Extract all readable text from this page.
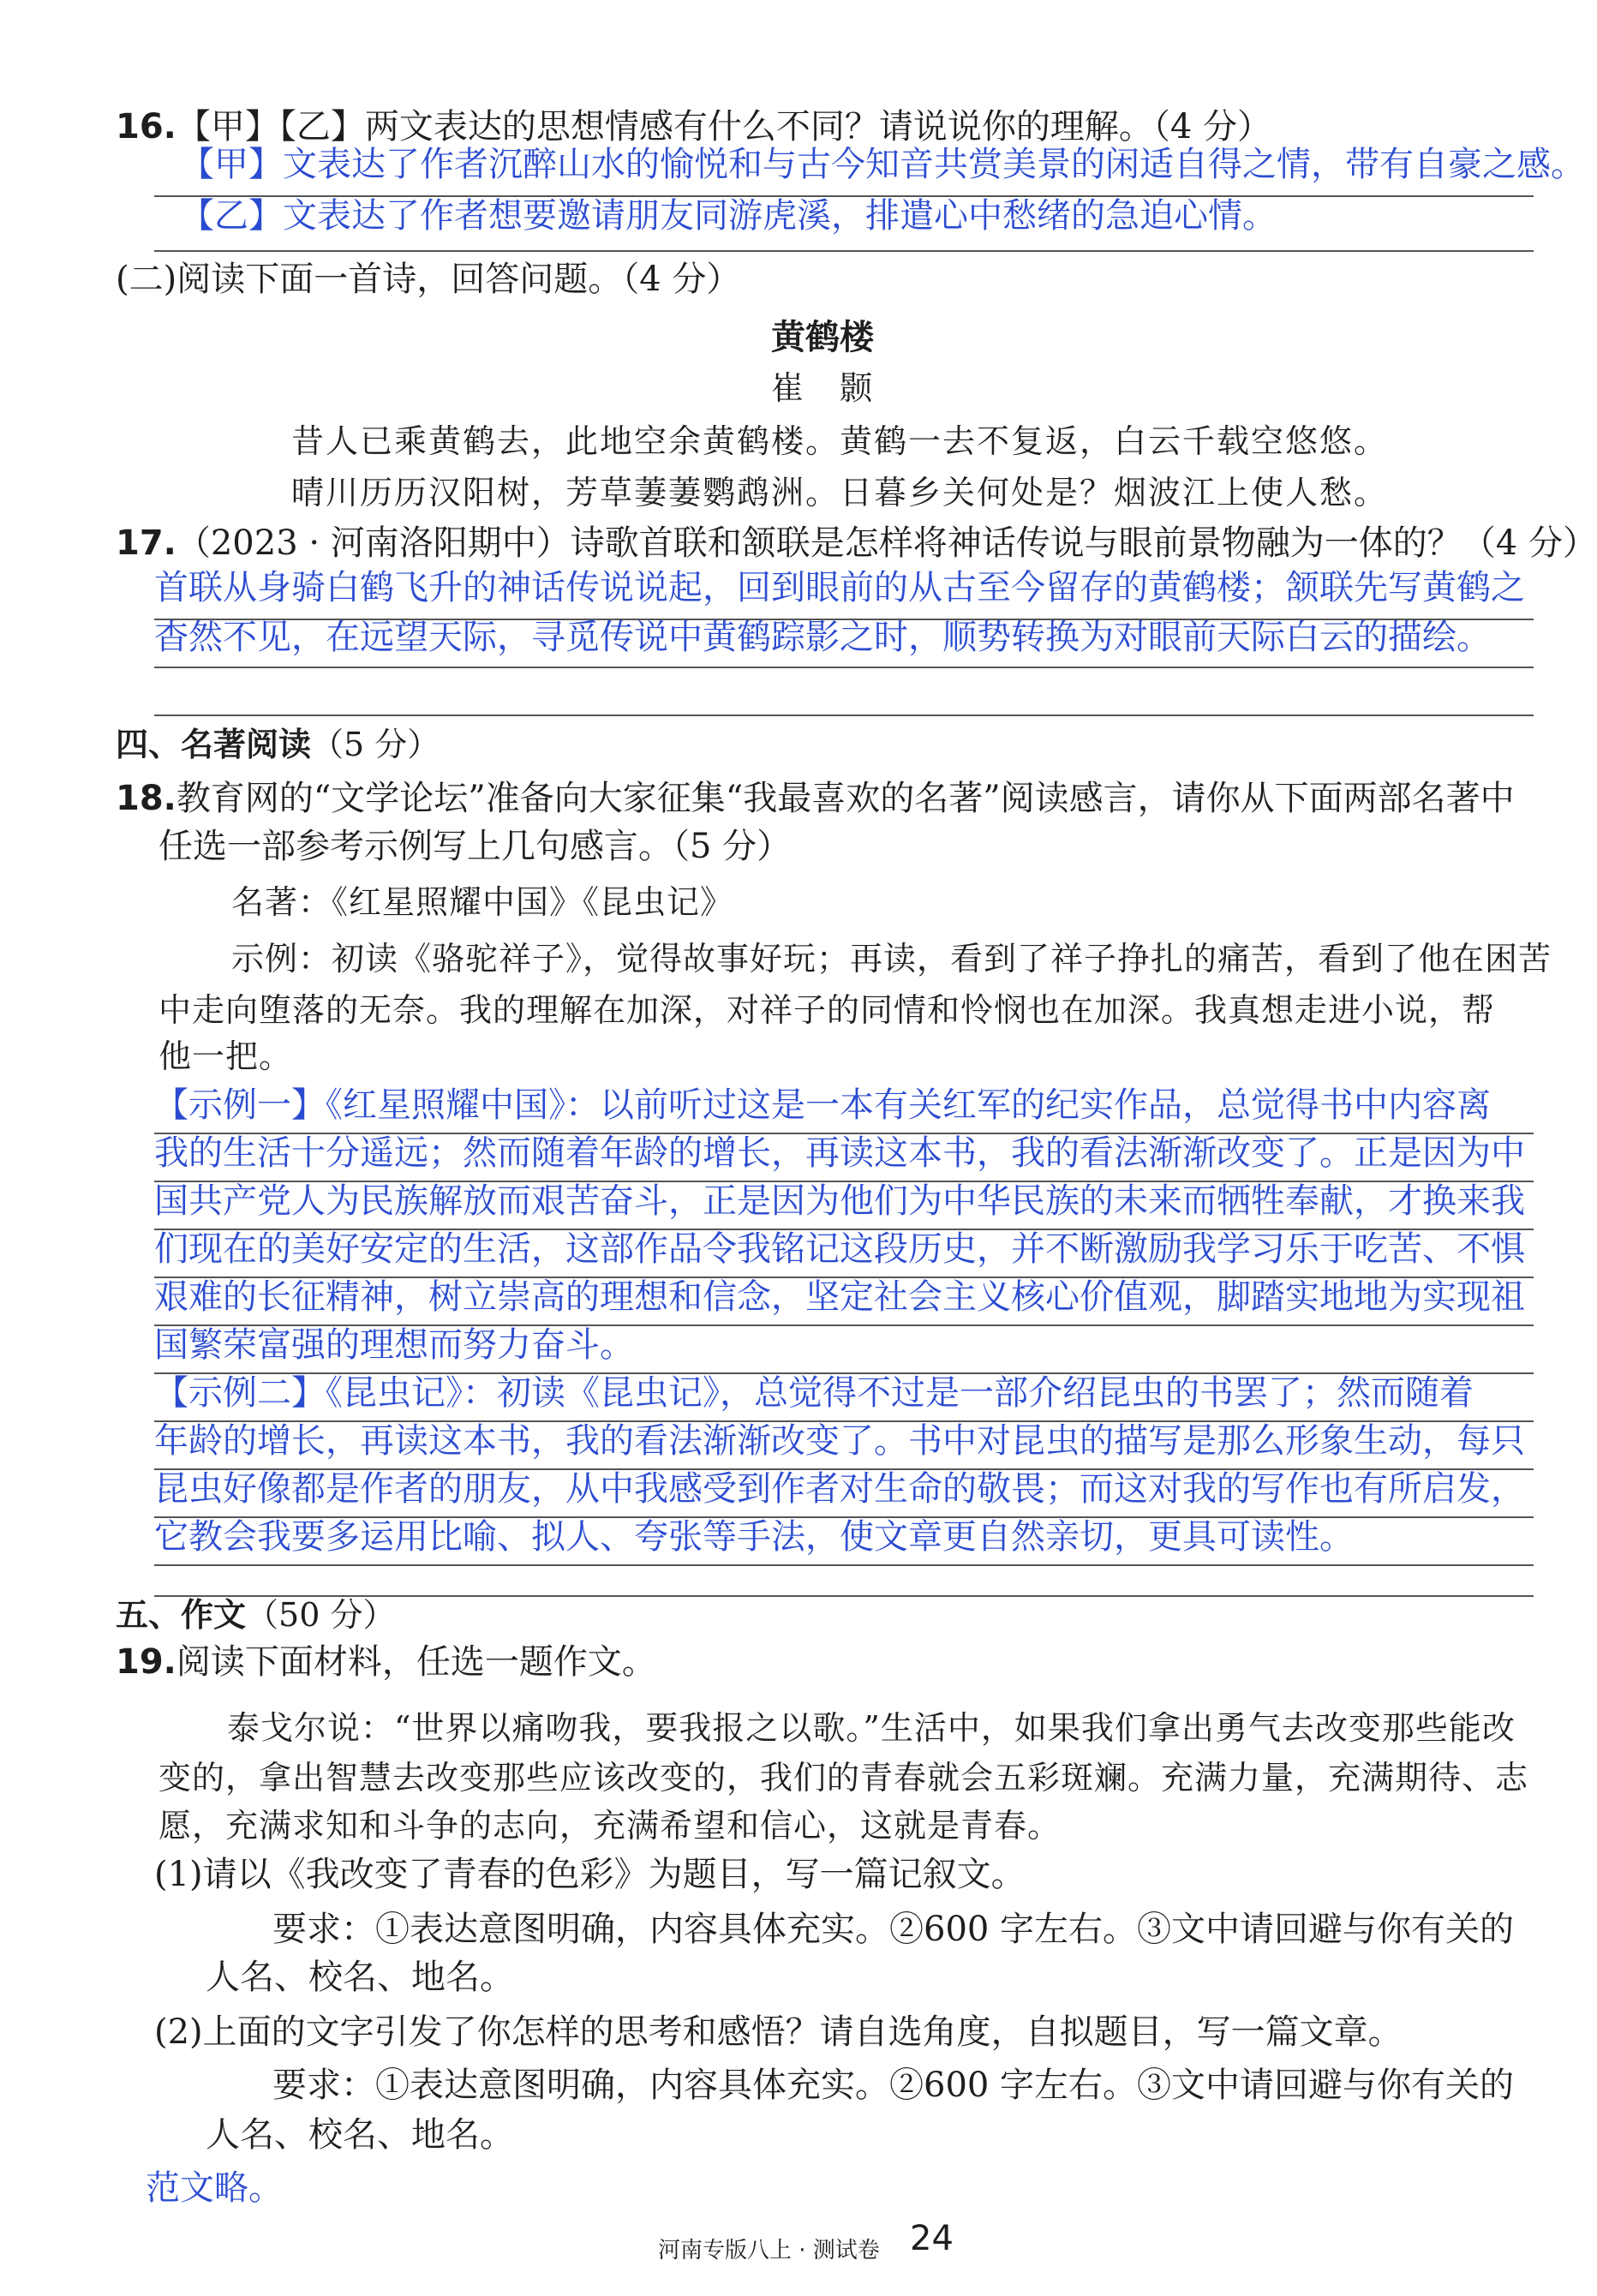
16.【甲】【乙】两文表达的思想情感有什么不同？请说说你的理解。（4 分）
【甲】文表达了作者沉醉山水的愉悦和与古今知音共赏美景的闲适自得之情，带有自豪之感。
【乙】文表达了作者想要邀请朋友同游虎溪，排遣心中愁绪的急迫心情。
(二)阅读下面一首诗，回答问题。（4 分）
黄鹤楼
崔　颢
昔人已乘黄鹤去，此地空余黄鹤楼。黄鹤一去不复返，白云千载空悠悠。
晴川历历汉阳树，芳草萋萋鹦鹉洲。日暮乡关何处是？烟波江上使人愁。
17.（2023 · 河南洛阳期中）诗歌首联和颔联是怎样将神话传说与眼前景物融为一体的？（4 分）
首联从身骑白鹤飞升的神话传说说起，回到眼前的从古至今留存的黄鹤楼；颔联先写黄鹤之
杳然不见，在远望天际，寻觅传说中黄鹤踪影之时，顺势转换为对眼前天际白云的描绘。
四、名著阅读（5 分）
18.教育网的“文学论坛”准备向大家征集“我最喜欢的名著”阅读感言，请你从下面两部名著中
任选一部参考示例写上几句感言。（5 分）
名著：《红星照耀中国》《昆虫记》
示例：初读《骆驼祥子》，觉得故事好玩；再读，看到了祥子挣扎的痛苦，看到了他在困苦
中走向堕落的无奈。我的理解在加深，对祥子的同情和怜悯也在加深。我真想走进小说，帮
他一把。
【示例一】《红星照耀中国》：以前听过这是一本有关红军的纪实作品，总觉得书中内容离
我的生活十分遥远；然而随着年龄的增长，再读这本书，我的看法渐渐改变了。正是因为中
国共产党人为民族解放而艰苦奋斗，正是因为他们为中华民族的未来而牺牲奉献，才换来我
们现在的美好安定的生活，这部作品令我铭记这段历史，并不断激励我学习乐于吃苦、不惧
艰难的长征精神，树立崇高的理想和信念，坚定社会主义核心价值观，脚踏实地地为实现祖
国繁荣富强的理想而努力奋斗。
【示例二】《昆虫记》：初读《昆虫记》，总觉得不过是一部介绍昆虫的书罢了；然而随着
年龄的增长，再读这本书，我的看法渐渐改变了。书中对昆虫的描写是那么形象生动，每只
昆虫好像都是作者的朋友，从中我感受到作者对生命的敬畏；而这对我的写作也有所启发，
它教会我要多运用比喻、拟人、夸张等手法，使文章更自然亲切，更具可读性。
五、作文（50 分）
19.阅读下面材料，任选一题作文。
泰戈尔说：“世界以痛吻我，要我报之以歌。”生活中，如果我们拿出勇气去改变那些能改
变的，拿出智慧去改变那些应该改变的，我们的青春就会五彩斑斓。充满力量，充满期待、志
愿，充满求知和斗争的志向，充满希望和信心，这就是青春。
(1)请以《我改变了青春的色彩》为题目，写一篇记叙文。
要求：①表达意图明确，内容具体充实。②600 字左右。③文中请回避与你有关的
人名、校名、地名。
(2)上面的文字引发了你怎样的思考和感悟？请自选角度，自拟题目，写一篇文章。
要求：①表达意图明确，内容具体充实。②600 字左右。③文中请回避与你有关的
人名、校名、地名。
范文略。
河南专版八上 · 测试卷 24
